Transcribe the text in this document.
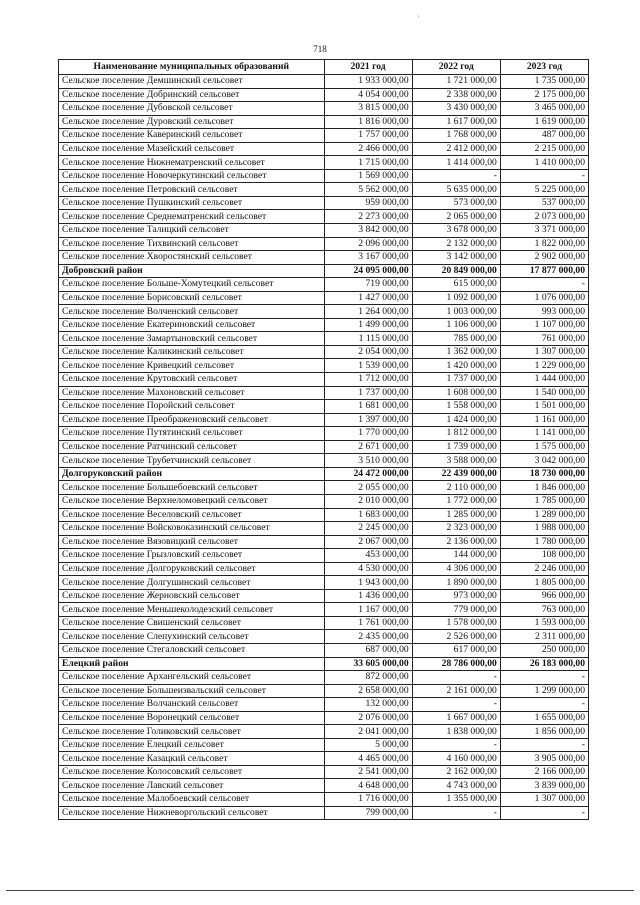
'
718
Наименование муниципальных образований	2021 год	2022 год	2023 год
Сельское поселение Демшинский сельсовет	1 933 000,00	1 721 000,00	1 735 000,00
Сельское поселение Добринский сельсовет	4 054 000,00	2 338 000,00	2 175 000,00
Сельское поселение Дубовской сельсовет	3 815 000,00	3 430 000,00	3 465 000,00
Сельское поселение Дуровский сельсовет	1 816 000,00	1 617 000,00	1 619 000,00
Сельское поселение Каверинский сельсовет	1 757 000,00	1 768 000,00	487 000,00
Сельское поселение Мазейский сельсовет	2 466 000,00	2 412 000,00	2 215 000,00
Сельское поселение Нижнематренский сельсовет	1 715 000,00	1 414 000,00	1 410 000,00
Сельское поселение Новочеркутинский сельсовет	1 569 000,00	-	-
Сельское поселение Петровский сельсовет	5 562 000,00	5 635 000,00	5 225 000,00
Сельское поселение Пушкинский сельсовет	959 000,00	573 000,00	537 000,00
Сельское поселение Среднематренский сельсовет	2 273 000,00	2 065 000,00	2 073 000,00
Сельское поселение Талицкий сельсовет	3 842 000,00	3 678 000,00	3 371 000,00
Сельское поселение Тихвинский сельсовет	2 096 000,00	2 132 000,00	1 822 000,00
Сельское поселение Хворостянский сельсовет	3 167 000,00	3 142 000,00	2 902 000,00
Добровский район	24 095 000,00	20 849 000,00	17 877 000,00
Сельское поселение Больше-Хомутецкий сельсовет	719 000,00	615 000,00	-
Сельское поселение Борисовский сельсовет	1 427 000,00	1 092 000,00	1 076 000,00
Сельское поселение Волченский сельсовет	1 264 000,00	1 003 000,00	993 000,00
Сельское поселение Екатериновский сельсовет	1 499 000,00	1 106 000,00	1 107 000,00
Сельское поселение Замартыновский сельсовет	1 115 000,00	785 000,00	761 000,00
Сельское поселение Каликинский сельсовет	2 054 000,00	1 362 000,00	1 307 000,00
Сельское поселение Кривецкий сельсовет	1 539 000,00	1 420 000,00	1 229 000,00
Сельское поселение Крутовский сельсовет	1 712 000,00	1 737 000,00	1 444 000,00
Сельское поселение Махоновский сельсовет	1 737 000,00	1 608 000,00	1 540 000,00
Сельское поселение Поройский сельсовет	1 681 000,00	1 558 000,00	1 501 000,00
Сельское поселение Преображеновский сельсовет	1 397 000,00	1 424 000,00	1 161 000,00
Сельское поселение Путятинский сельсовет	1 770 000,00	1 812 000,00	1 141 000,00
Сельское поселение Ратчинский сельсовет	2 671 000,00	1 739 000,00	1 575 000,00
Сельское поселение Трубетчинский сельсовет	3 510 000,00	3 588 000,00	3 042 000,00
Долгоруковский район	24 472 000,00	22 439 000,00	18 730 000,00
Сельское поселение Большебоевский сельсовет	2 055 000,00	2 110 000,00	1 846 000,00
Сельское поселение Верхнеломовецкий сельсовет	2 010 000,00	1 772 000,00	1 785 000,00
Сельское поселение Веселовский сельсовет	1 683 000,00	1 285 000,00	1 289 000,00
Сельское поселение Войсковоказинский сельсовет	2 245 000,00	2 323 000,00	1 988 000,00
Сельское поселение Вязовицкий сельсовет	2 067 000,00	2 136 000,00	1 780 000,00
Сельское поселение Грызловский сельсовет	453 000,00	144 000,00	108 000,00
Сельское поселение Долгоруковский сельсовет	4 530 000,00	4 306 000,00	2 246 000,00
Сельское поселение Долгушинский сельсовет	1 943 000,00	1 890 000,00	1 805 000,00
Сельское поселение Жерновский сельсовет	1 436 000,00	973 000,00	966 000,00
Сельское поселение Меньшеколодезский сельсовет	1 167 000,00	779 000,00	763 000,00
Сельское поселение Свишенский сельсовет	1 761 000,00	1 578 000,00	1 593 000,00
Сельское поселение Слепухинский сельсовет	2 435 000,00	2 526 000,00	2 311 000,00
Сельское поселение Стегаловский сельсовет	687 000,00	617 000,00	250 000,00
Елецкий район	33 605 000,00	28 786 000,00	26 183 000,00
Сельское поселение Архангельский сельсовет	872 000,00	-	-
Сельское поселение Большеизвальский сельсовет	2 658 000,00	2 161 000,00	1 299 000,00
Сельское поселение Волчанский сельсовет	132 000,00	-	-
Сельское поселение Воронецкий сельсовет	2 076 000,00	1 667 000,00	1 655 000,00
Сельское поселение Голиковский сельсовет	2 041 000,00	1 838 000,00	1 856 000,00
Сельское поселение Елецкий сельсовет	5 000,00	-	-
Сельское поселение Казацкий сельсовет	4 465 000,00	4 160 000,00	3 905 000,00
Сельское поселение Колосовский сельсовет	2 541 000,00	2 162 000,00	2 166 000,00
Сельское поселение Лавский сельсовет	4 648 000,00	4 743 000,00	3 839 000,00
Сельское поселение Малобоевский сельсовет	1 716 000,00	1 355 000,00	1 307 000,00
Сельское поселение Нижневоргольский сельсовет	799 000,00	-	-
